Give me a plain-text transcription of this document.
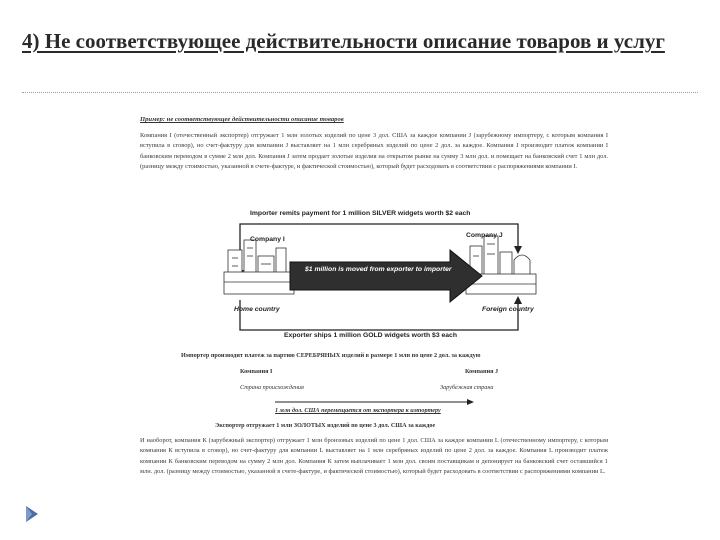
4) Не соответствующее действительности описание товаров и услуг
Пример: не соответствующее действительности описание товаров

Компания I (отечественный экспортер) отгружает 1 млн золотых изделий по цене 3 дол. США за каждое компании J (зарубежному импортеру, с которым компания I вступила в сговор), но счет-фактуру для компании J выставляет на 1 млн серебряных изделий по цене 2 дол. за каждое. Компания J производит платеж компании I банковским переводом в сумме 2 млн дол. Компания J затем продает золотые изделия на открытом рынке на сумму 3 млн дол. и помещает на банковский счет 1 млн дол. (разницу между стоимостью, указанной в счете-фактуре, и фактической стоимостью), который будет расходовать в соответствии с распоряжениями компании I.

Importer remits payment for 1 million SILVER widgets worth $2 each
Company I
Company J
$1 million is moved from exporter to importer
Home country	Foreign country
Exporter ships 1 million GOLD widgets worth $3 each
Импортер производит платеж за партию СЕРЕБРЯНЫХ изделий в размере 1 млн по цене 2 дол. за каждую
Компания I	Компания J
Страна происхождения	Зарубежная страна
1 млн дол. США перемещается от экспортера к импортеру
Экспортер отгружает 1 млн ЗОЛОТЫХ изделий по цене 3 дол. США за каждое

И наоборот, компания К (зарубежный экспортер) отгружает 1 млн бронзовых изделий по цене 1 дол. США за каждое компании L (отечественному импортеру, с которым компания К вступила в сговор), но счет-фактуру для компании L выставляет на 1 млн серебряных изделий по цене 2 дол. за каждое. Компания L производит платеж компании К банковским переводом на сумму 2 млн дол. Компания К затем выплачивает 1 млн дол. своим поставщикам и депонирует на банковский счет оставшийся 1 млн. дол. (разницу между стоимостью, указанной в счете-фактуре, и фактической стоимостью), который будет расходовать в соответствии с распоряжениями компании L.
